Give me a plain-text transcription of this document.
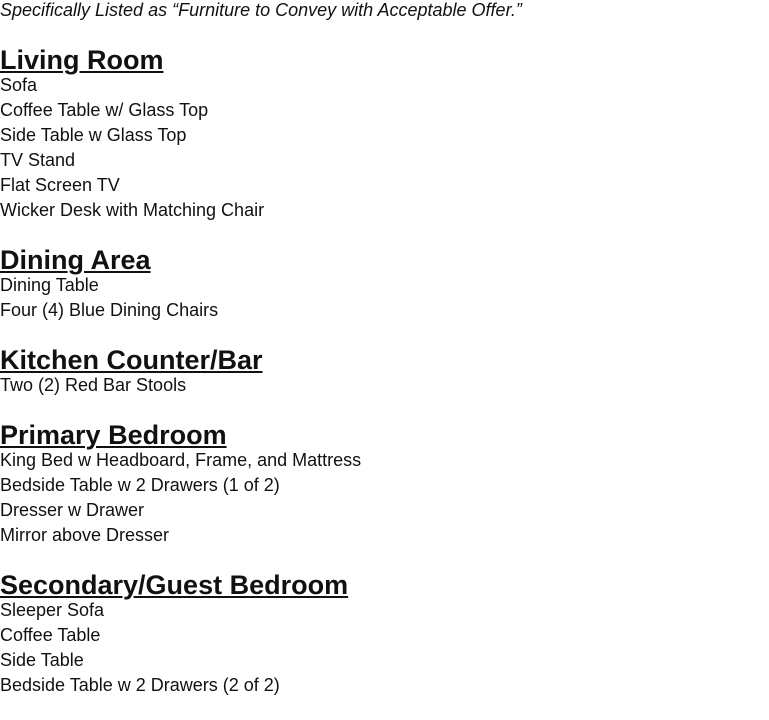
Specifically Listed as “Furniture to Convey with Acceptable Offer.”

Living Room
Sofa
Coffee Table w/ Glass Top
Side Table w Glass Top
TV Stand
Flat Screen TV
Wicker Desk with Matching Chair
Dining Area
Dining Table
Four (4) Blue Dining Chairs
Kitchen Counter/Bar
Two (2) Red Bar Stools
Primary Bedroom
King Bed w Headboard, Frame, and Mattress
Bedside Table w 2 Drawers (1 of 2)
Dresser w Drawer
Mirror above Dresser
Secondary/Guest Bedroom
Sleeper Sofa
Coffee Table
Side Table
Bedside Table w 2 Drawers (2 of 2)
